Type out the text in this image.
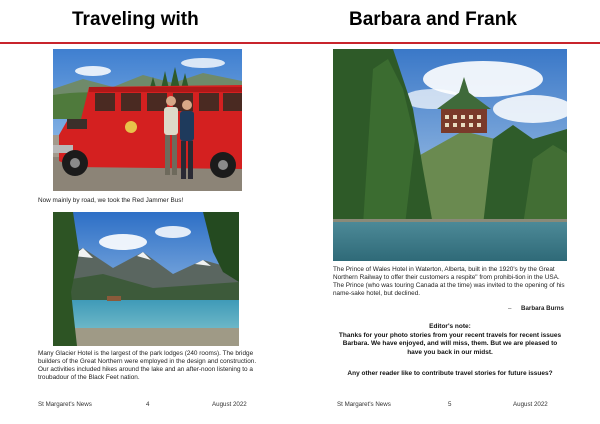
Traveling with
Now mainly by road, we took the Red Jammer Bus!
Many Glacier Hotel is the largest of the park lodges (240 rooms). The bridge builders of the Great Northern were employed in the design and construction. Our activities included hikes around the lake and an after-noon listening to a troubadour of the Black Feet nation.
St Margaret's News	4	August 2022
Barbara and Frank
The Prince of Wales Hotel in Waterton, Alberta, built in the 1920's by the Great Northern Railway to offer their customers a respite" from prohibi-tion in the USA. The Prince (who was touring Canada at the time) was invited to the opening of his name-sake hotel, but declined.
– Barbara Burns
Editor's note:
Thanks for your photo stories from your recent travels for recent issues Barbara. We have enjoyed, and will miss, them. But we are pleased to have you back in our midst.
Any other reader like to contribute travel stories for future issues?
St Margaret's News	5	August 2022
